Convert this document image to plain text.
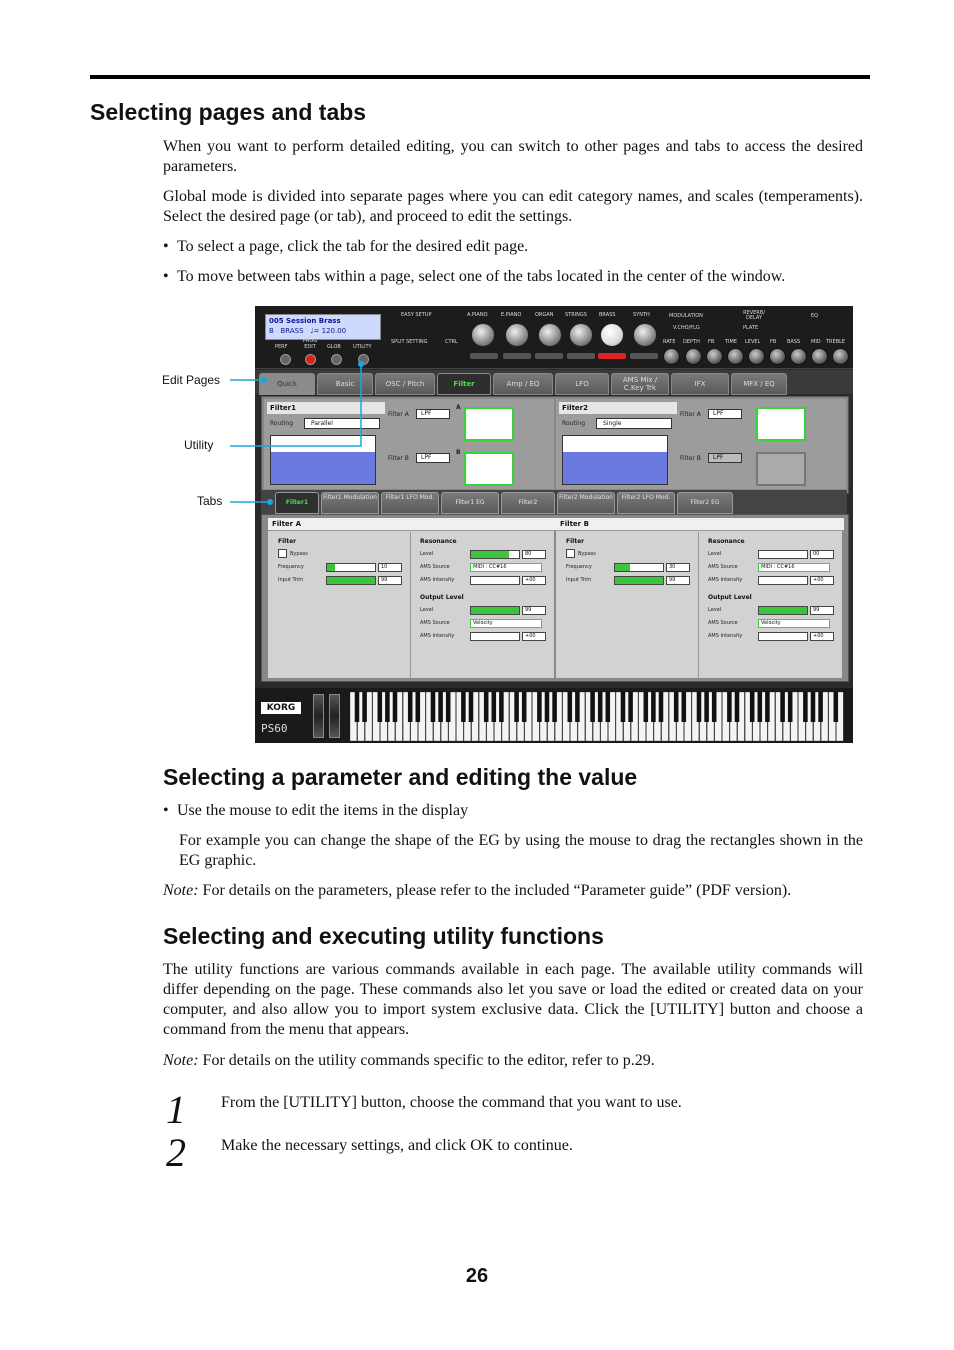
Selecting pages and tabs

When you want to perform detailed editing, you can switch to other pages and tabs to access the desired parameters.

Global mode is divided into separate pages where you can edit category names, and scales (temperaments). Select the desired page (or tab), and proceed to edit the settings.

• To select a page, click the tab for the desired edit page.

• To move between tabs within a page, select one of the tabs located in the center of the window.

Edit Pages
Utility
Tabs
005 Session Brass
B BRASS ♩= 120.00
PERF
PROG EDIT	GLOB UTILITY
EASY SETUP
SPLIT SETTING	CTRL
A.PIANO	E.PIANO	ORGAN STRINGS BRASS	SYNTH	MODULATION	REVERB/ DELAY	EQ
V.CHO/FLG	PLATE
RATE DEPTH FB TIME LEVEL FB BASS MID TREBLE
Quick	Basic	OSC / Pitch	Filter	Amp / EQ	LFO	AMS Mix / C.Key Trk	IFX	MFX / EQ
Filter1
Routing	Parallel
Filter A	LPF
A
Filter B	LPF
B
Filter2
Routing	Single
Filter A	LPF
Filter B	LPF
Filter1
Filter1 Modulation	Filter1 LFO Mod.
Filter1 EG	Filter2
Filter2 Modulation	Filter2 LFO Mod.
Filter2 EG
Filter A
Filter
Bypass
Frequency	10
Input Trim	99
Resonance
Level	80
AMS Source	MIDI : CC#16
AMS Intensity	+00
Output Level
Level	99
AMS Source	Velocity
AMS Intensity	+00
Filter B
Filter
Bypass
Frequency	30
Input Trim	99
Resonance
Level	00
AMS Source	MIDI : CC#16
AMS Intensity	+00
Output Level
Level	99
AMS Source	Velocity
AMS Intensity	+00
KORG
PS60
Selecting a parameter and editing the value

• Use the mouse to edit the items in the display

For example you can change the shape of the EG by using the mouse to drag the rectangles shown in the EG graphic.

Note: For details on the parameters, please refer to the included “Parameter guide” (PDF version).

Selecting and executing utility functions

The utility functions are various commands available in each page. The available utility commands will differ depending on the page. These commands also let you save or load the edited or created data on your computer, and also allow you to import system exclusive data. Click the [UTILITY] button and choose a command from the menu that appears.

Note: For details on the utility commands specific to the editor, refer to p.29.

1 From the [UTILITY] button, choose the command that you want to use.

2 Make the necessary settings, and click OK to continue.

26
